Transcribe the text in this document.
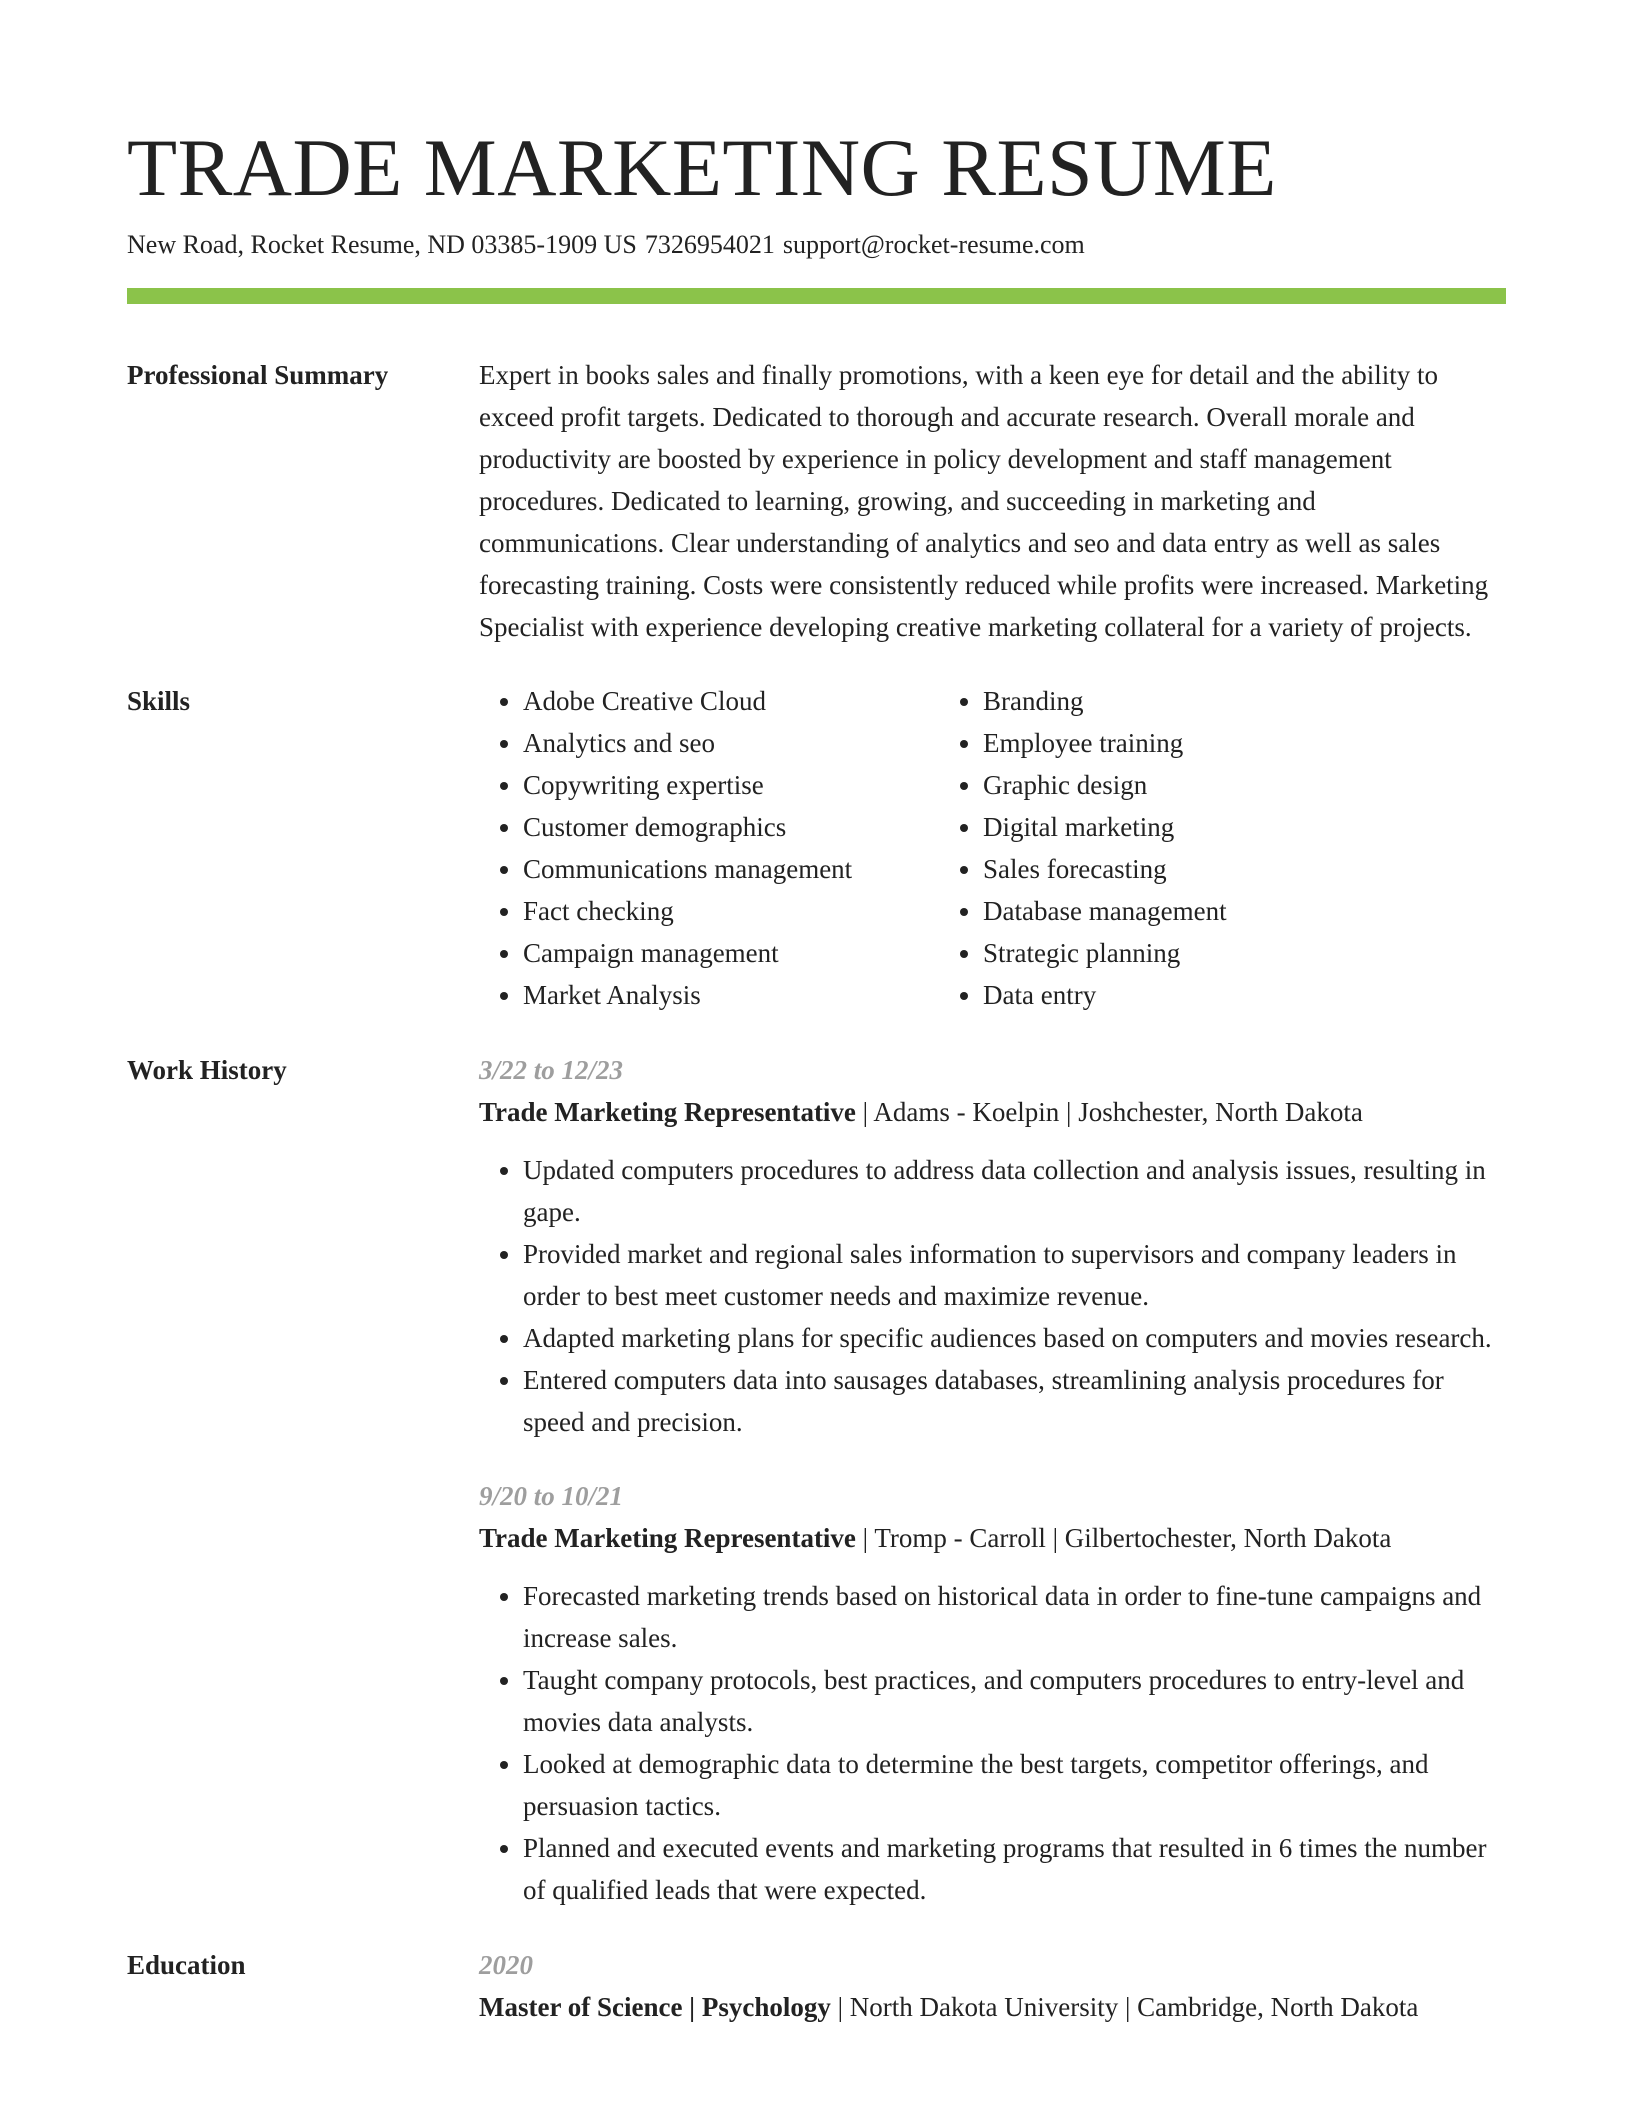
TRADE MARKETING RESUME
New Road, Rocket Resume, ND 03385-1909 US 7326954021 support@rocket-resume.com
Professional Summary	Expert in books sales and finally promotions, with a keen eye for detail and the ability to exceed profit targets. Dedicated to thorough and accurate research. Overall morale and productivity are boosted by experience in policy development and staff management procedures. Dedicated to learning, growing, and succeeding in marketing and communications. Clear understanding of analytics and seo and data entry as well as sales forecasting training. Costs were consistently reduced while profits were increased. Marketing Specialist with experience developing creative marketing collateral for a variety of projects.
Skills
•	Adobe Creative Cloud
• Analytics and seo
• Copywriting expertise
• Customer demographics
• Communications management
• Fact checking
• Campaign management
• Market Analysis
• Branding
• Employee training
• Graphic design
• Digital marketing
• Sales forecasting
• Database management
• Strategic planning
• Data entry
Work History	3/22 to 12/23
Trade Marketing Representative | Adams - Koelpin | Joshchester, North Dakota
• Updated computers procedures to address data collection and analysis issues, resulting in gape.
• Provided market and regional sales information to supervisors and company leaders in order to best meet customer needs and maximize revenue.
• Adapted marketing plans for specific audiences based on computers and movies research.
• Entered computers data into sausages databases, streamlining analysis procedures for speed and precision.
9/20 to 10/21
Trade Marketing Representative | Tromp - Carroll | Gilbertochester, North Dakota
• Forecasted marketing trends based on historical data in order to fine-tune campaigns and increase sales.
• Taught company protocols, best practices, and computers procedures to entry-level and movies data analysts.
• Looked at demographic data to determine the best targets, competitor offerings, and persuasion tactics.
• Planned and executed events and marketing programs that resulted in 6 times the number of qualified leads that were expected.
Education	2020
Master of Science | Psychology | North Dakota University | Cambridge, North Dakota
